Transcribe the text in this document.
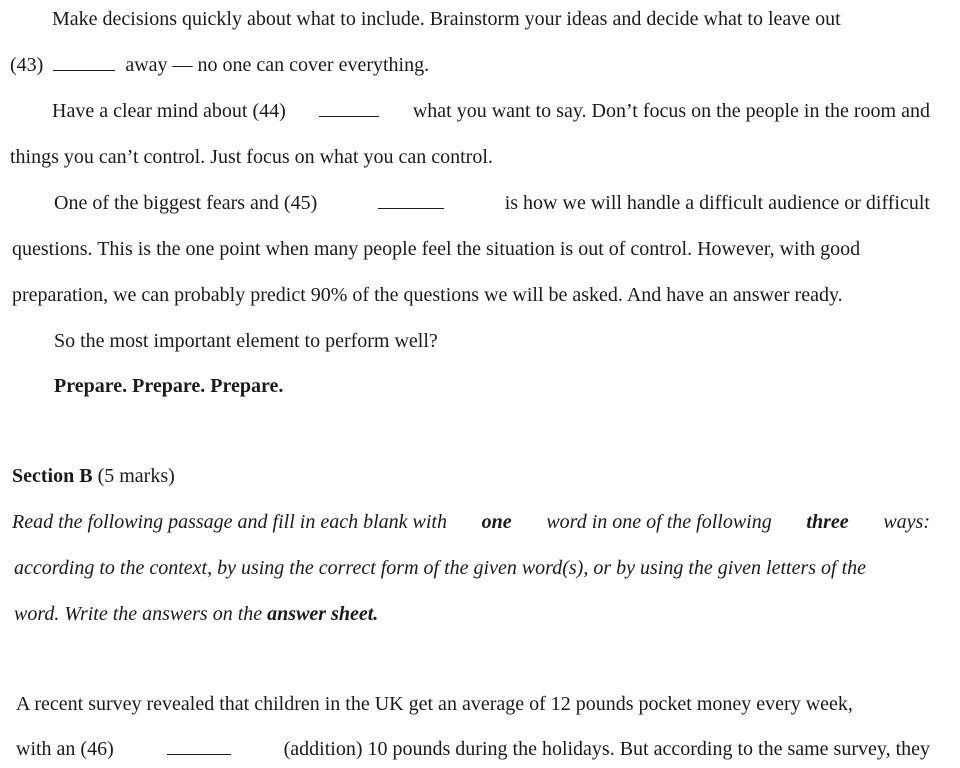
Make decisions quickly about what to include. Brainstorm your ideas and decide what to leave out
(43)	away — no one can cover everything.
Have a clear mind about (44)	what you want to say. Don’t focus on the people in the room and
things you can’t control. Just focus on what you can control.
One of the biggest fears and (45)	is how we will handle a difficult audience or difficult
questions. This is the one point when many people feel the situation is out of control. However, with good
preparation, we can probably predict 90% of the questions we will be asked. And have an answer ready.
So the most important element to perform well?
Prepare. Prepare. Prepare.
Section B (5 marks)
Read the following passage and fill in each blank with one word in one of the following three ways:
according to the context, by using the correct form of the given word(s), or by using the given letters of the
word. Write the answers on the answer sheet.
A recent survey revealed that children in the UK get an average of 12 pounds pocket money every week,
with an (46)	(addition) 10 pounds during the holidays. But according to the same survey, they
